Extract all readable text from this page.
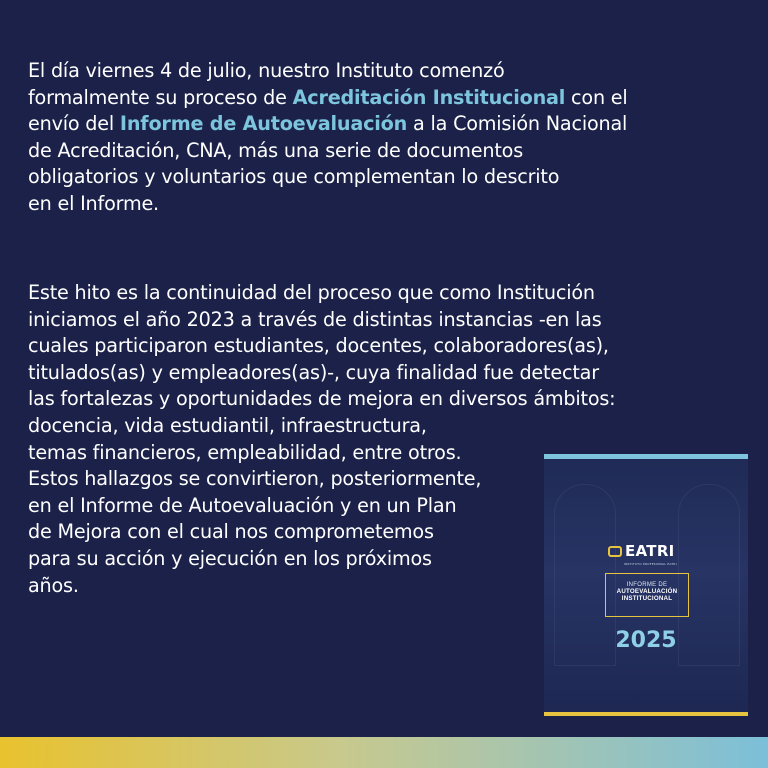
El día viernes 4 de julio, nuestro Instituto comenzó
formalmente su proceso de Acreditación Institucional con el
envío del Informe de Autoevaluación a la Comisión Nacional
de Acreditación, CNA, más una serie de documentos
obligatorios y voluntarios que complementan lo descrito
en el Informe.

Este hito es la continuidad del proceso que como Institución
iniciamos el año 2023 a través de distintas instancias -en las
cuales participaron estudiantes, docentes, colaboradores(as),
titulados(as) y empleadores(as)-, cuya finalidad fue detectar
las fortalezas y oportunidades de mejora en diversos ámbitos:
docencia, vida estudiantil, infraestructura,
temas financieros, empleabilidad, entre otros.
Estos hallazgos se convirtieron, posteriormente,
en el Informe de Autoevaluación y en un Plan
de Mejora con el cual nos comprometemos
para su acción y ejecución en los próximos
años.

EATRI
INSTITUTO PROFESIONAL EATRI
INFORME DE
AUTOEVALUACIÓN
INSTITUCIONAL
2025
